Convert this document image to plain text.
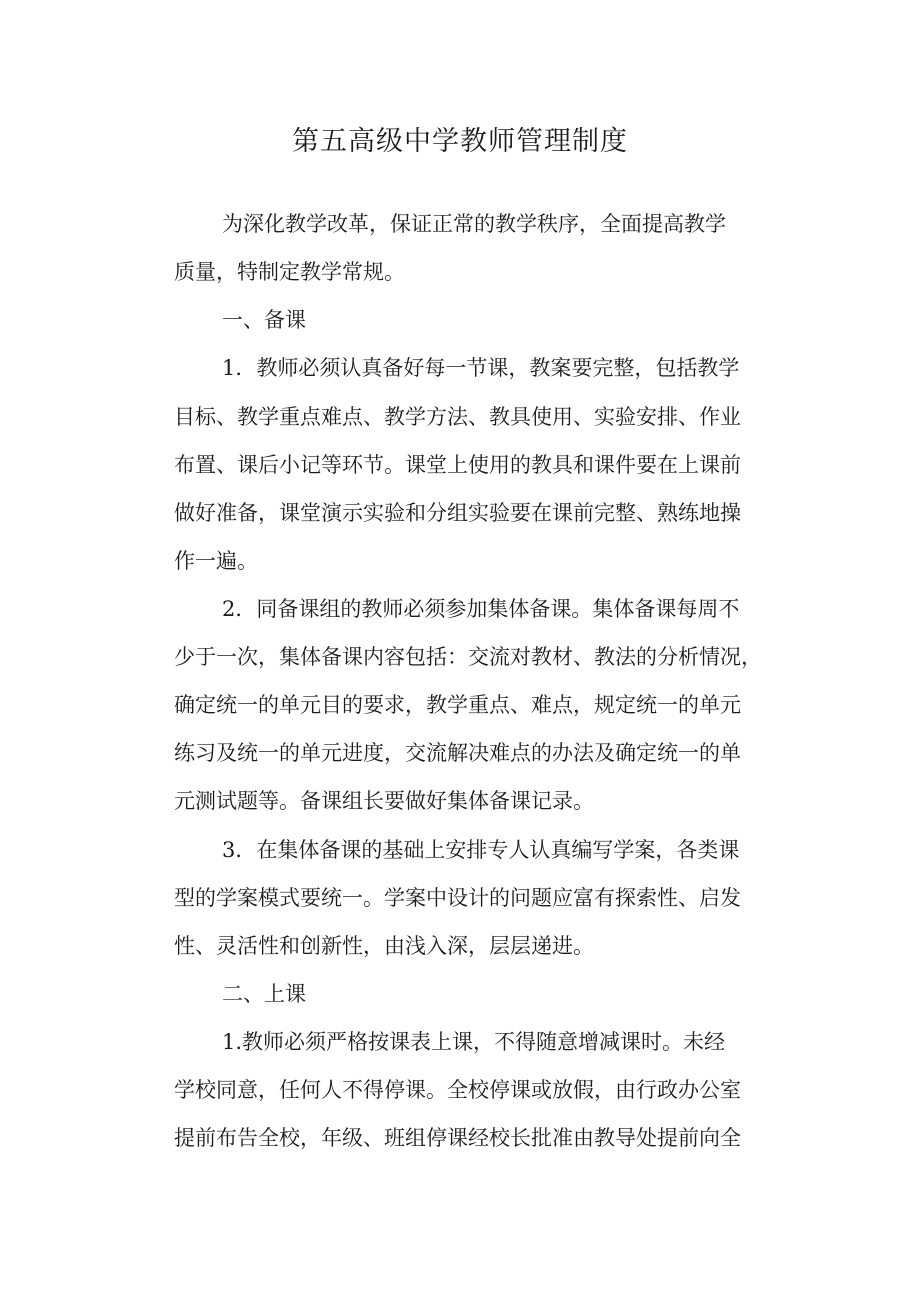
第五高级中学教师管理制度
为深化教学改革，保证正常的教学秩序，全面提高教学
质量，特制定教学常规。
一、备课
1．教师必须认真备好每一节课，教案要完整，包括教学
目标、教学重点难点、教学方法、教具使用、实验安排、作业
布置、课后小记等环节。课堂上使用的教具和课件要在上课前
做好准备，课堂演示实验和分组实验要在课前完整、熟练地操
作一遍。
2．同备课组的教师必须参加集体备课。集体备课每周不
少于一次，集体备课内容包括：交流对教材、教法的分析情况，
确定统一的单元目的要求，教学重点、难点，规定统一的单元
练习及统一的单元进度，交流解决难点的办法及确定统一的单
元测试题等。备课组长要做好集体备课记录。
3．在集体备课的基础上安排专人认真编写学案，各类课
型的学案模式要统一。学案中设计的问题应富有探索性、启发
性、灵活性和创新性，由浅入深，层层递进。
二、上课
1.教师必须严格按课表上课，不得随意增减课时。未经
学校同意，任何人不得停课。全校停课或放假，由行政办公室
提前布告全校，年级、班组停课经校长批准由教导处提前向全
